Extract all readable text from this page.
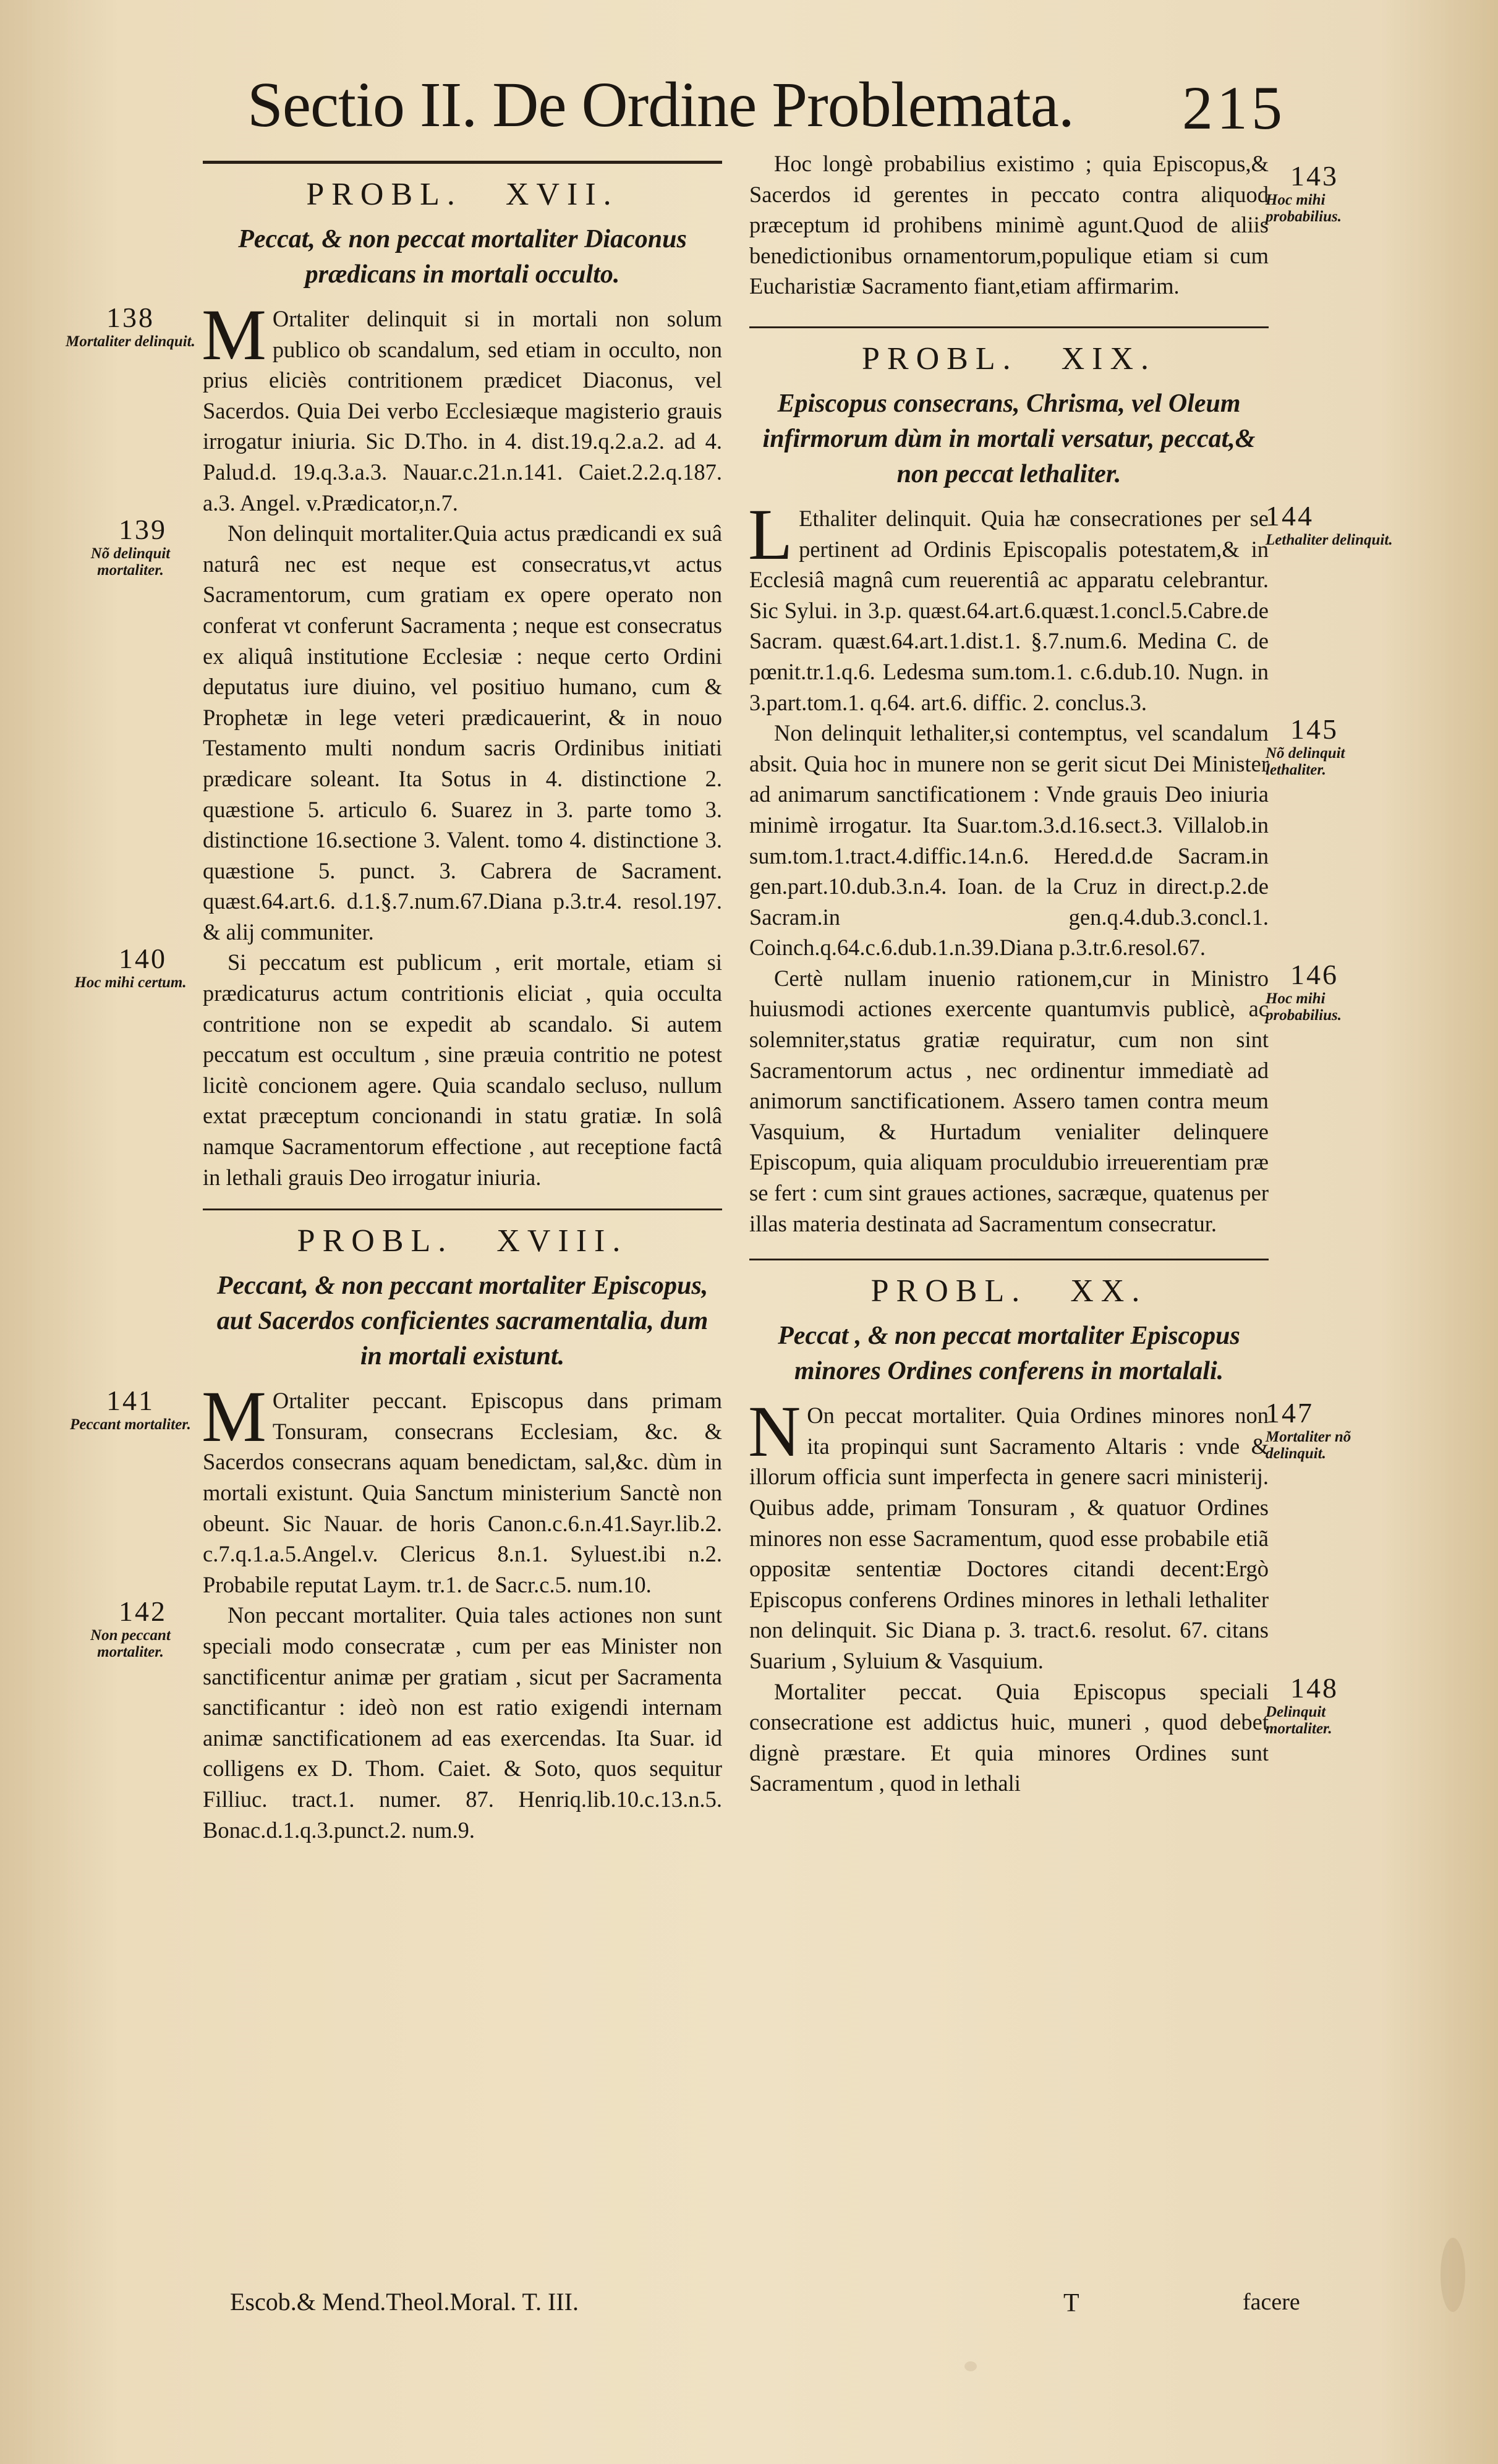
Sectio II. De Ordine Problemata. 215
PROBL. XVII.
Peccat, & non peccat mortaliter Diaconus prædicans in mortali occulto.
138
Mortaliter delinquit. M Ortaliter delinquit si in mortali non solum publico ob scandalum, sed etiam in occulto, non prius eliciès contritionem prædicet Diaconus, vel Sacerdos. Quia Dei verbo Ecclesiæque magisterio grauis irrogatur iniuria. Sic D.Tho. in 4. dist.19.q.2.a.2. ad 4. Palud.d. 19.q.3.a.3. Nauar.c.21.n.141. Caiet.2.2.q.187. a.3. Angel. v.Prædicator,n.7.
139
Nõ delinquit mortaliter.
Non delinquit mortaliter.Quia actus prædicandi ex suâ naturâ nec est neque est consecratus,vt actus Sacramentorum, cum gratiam ex opere operato non conferat vt conferunt Sacramenta ; neque est consecratus ex aliquâ institutione Ecclesiæ : neque certo Ordini deputatus iure diuino, vel positiuo humano, cum & Prophetæ in lege veteri prædicauerint, & in nouo Testamento multi nondum sacris Ordinibus initiati prædicare soleant. Ita Sotus in 4. distinctione 2. quæstione 5. articulo 6. Suarez in 3. parte tomo 3. distinctione 16.sectione 3. Valent. tomo 4. distinctione 3. quæstione 5. punct. 3. Cabrera de Sacrament. quæst.64.art.6. d.1.§.7.num.67.Diana p.3.tr.4. resol.197. & alij communiter.
140
Hoc mihi certum.
Si peccatum est publicum , erit mortale, etiam si prædicaturus actum contritionis eliciat , quia occulta contritione non se expedit ab scandalo. Si autem peccatum est occultum , sine præuia contritio ne potest licitè concionem agere. Quia scandalo secluso, nullum extat præceptum concionandi in statu gratiæ. In solâ namque Sacramentorum effectione , aut receptione factâ in lethali grauis Deo irrogatur iniuria.
PROBL. XVIII.
Peccant, & non peccant mortaliter Episcopus, aut Sacerdos conficientes sacramentalia, dum in mortali existunt.
141
Peccant mortaliter. M Ortaliter peccant. Episcopus dans primam Tonsuram, consecrans Ecclesiam, &c. & Sacerdos consecrans aquam benedictam, sal,&c. dùm in mortali existunt. Quia Sanctum ministerium Sanctè non obeunt. Sic Nauar. de horis Canon.c.6.n.41.Sayr.lib.2. c.7.q.1.a.5.Angel.v. Clericus 8.n.1. Syluest.ibi n.2. Probabile reputat Laym. tr.1. de Sacr.c.5. num.10.
142
Non peccant mortaliter.
Non peccant mortaliter. Quia tales actiones non sunt speciali modo consecratæ , cum per eas Minister non sanctificentur animæ per gratiam , sicut per Sacramenta sanctificantur : ideò non est ratio exigendi internam animæ sanctificationem ad eas exercendas. Ita Suar. id colligens ex D. Thom. Caiet. & Soto, quos sequitur Filliuc. tract.1. numer. 87. Henriq.lib.10.c.13.n.5. Bonac.d.1.q.3.punct.2. num.9.
143
Hoc mihi probabilius.
Hoc longè probabilius existimo ; quia Episcopus,& Sacerdos id gerentes in peccato contra aliquod præceptum id prohibens minimè agunt.Quod de aliis benedictionibus ornamentorum,populique etiam si cum Eucharistiæ Sacramento fiant,etiam affirmarim.
PROBL. XIX.
Episcopus consecrans, Chrisma, vel Oleum infirmorum dùm in mortali versatur, peccat,& non peccat lethaliter.
144
Lethaliter delinquit.
L Ethaliter delinquit. Quia hæ consecrationes per se pertinent ad Ordinis Episcopalis potestatem,& in Ecclesiâ magnâ cum reuerentiâ ac apparatu celebrantur. Sic Sylui. in 3.p. quæst.64.art.6.quæst.1.concl.5.Cabre.de Sacram. quæst.64.art.1.dist.1. §.7.num.6. Medina C. de pœnit.tr.1.q.6. Ledesma sum.tom.1. c.6.dub.10. Nugn. in 3.part.tom.1. q.64. art.6. diffic. 2. conclus.3.
145
Nõ delinquit lethaliter.
Non delinquit lethaliter,si contemptus, vel scandalum absit. Quia hoc in munere non se gerit sicut Dei Minister ad animarum sanctificationem : Vnde grauis Deo iniuria minimè irrogatur. Ita Suar.tom.3.d.16.sect.3. Villalob.in sum.tom.1.tract.4.diffic.14.n.6. Hered.d.de Sacram.in gen.part.10.dub.3.n.4. Ioan. de la Cruz in direct.p.2.de Sacram.in gen.q.4.dub.3.concl.1. Coinch.q.64.c.6.dub.1.n.39.Diana p.3.tr.6.resol.67.
146
Hoc mihi probabilius.
Certè nullam inuenio rationem,cur in Ministro huiusmodi actiones exercente quantumvis publicè, ac solemniter,status gratiæ requiratur, cum non sint Sacramentorum actus , nec ordinentur immediatè ad animorum sanctificationem. Assero tamen contra meum Vasquium, & Hurtadum venialiter delinquere Episcopum, quia aliquam proculdubio irreuerentiam præ se fert : cum sint graues actiones, sacræque, quatenus per illas materia destinata ad Sacramentum consecratur.
PROBL. XX.
Peccat , & non peccat mortaliter Episcopus minores Ordines conferens in mortalali.
147
Mortaliter nõ delinquit.
N On peccat mortaliter. Quia Ordines minores non ita propinqui sunt Sacramento Altaris : vnde & illorum officia sunt imperfecta in genere sacri ministerij. Quibus adde, primam Tonsuram , & quatuor Ordines minores non esse Sacramentum, quod esse probabile etiã oppositæ sententiæ Doctores citandi decent:Ergò Episcopus conferens Ordines minores in lethali lethaliter non delinquit. Sic Diana p. 3. tract.6. resolut. 67. citans Suarium , Syluium & Vasquium.
148
Delinquit mortaliter.
Mortaliter peccat. Quia Episcopus speciali consecratione est addictus huic, muneri , quod debet dignè præstare. Et quia minores Ordines sunt Sacramentum , quod in lethali
Escob.& Mend.Theol.Moral. T. III.	T	facere
